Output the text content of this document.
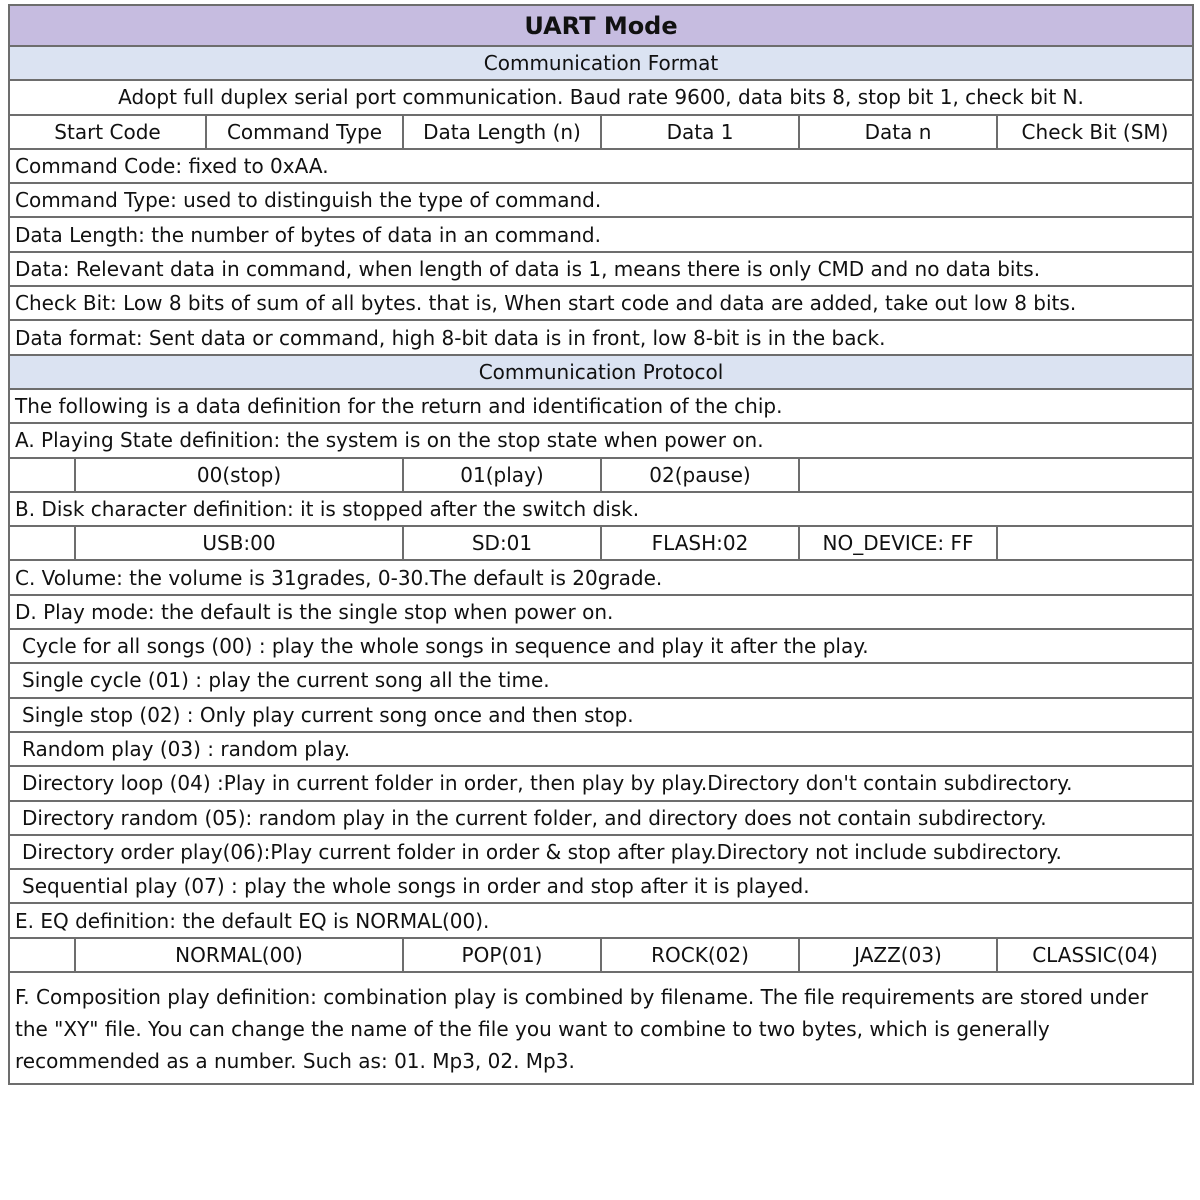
UART Mode						
Communication Format						
Adopt full duplex serial port communication. Baud rate 9600, data bits 8, stop bit 1, check bit N.						
Start Code		Command Type	Data Length (n)	Data 1	Data n	Check Bit (SM)
Command Code: fixed to 0xAA.						
Command Type: used to distinguish the type of command.						
Data Length: the number of bytes of data in an command.						
Data: Relevant data in command, when length of data is 1, means there is only CMD and no data bits.						
Check Bit: Low 8 bits of sum of all bytes. that is, When start code and data are added, take out low 8 bits.						
Data format: Sent data or command, high 8-bit data is in front, low 8-bit is in the back.						
Communication Protocol						
The following is a data definition for the return and identification of the chip.						
A. Playing State definition: the system is on the stop state when power on.						
	00(stop)		01(play)	02(pause)		
B. Disk character definition: it is stopped after the switch disk.						
	USB:00		SD:01	FLASH:02	NO_DEVICE: FF	
C. Volume: the volume is 31grades, 0-30.The default is 20grade.						
D. Play mode: the default is the single stop when power on.						
Cycle for all songs (00) : play the whole songs in sequence and play it after the play.						
Single cycle (01) : play the current song all the time.						
Single stop (02) : Only play current song once and then stop.						
Random play (03) : random play.						
Directory loop (04) :Play in current folder in order, then play by play.Directory don't contain subdirectory.						
Directory random (05): random play in the current folder, and directory does not contain subdirectory.						
Directory order play(06):Play current folder in order & stop after play.Directory not include subdirectory.						
Sequential play (07) : play the whole songs in order and stop after it is played.						
E. EQ definition: the default EQ is NORMAL(00).						
	NORMAL(00)		POP(01)	ROCK(02)	JAZZ(03)	CLASSIC(04)
F. Composition play definition: combination play is combined by filename. The file requirements are stored under the "XY" file. You can change the name of the file you want to combine to two bytes, which is generally recommended as a number. Such as: 01. Mp3, 02. Mp3.						
